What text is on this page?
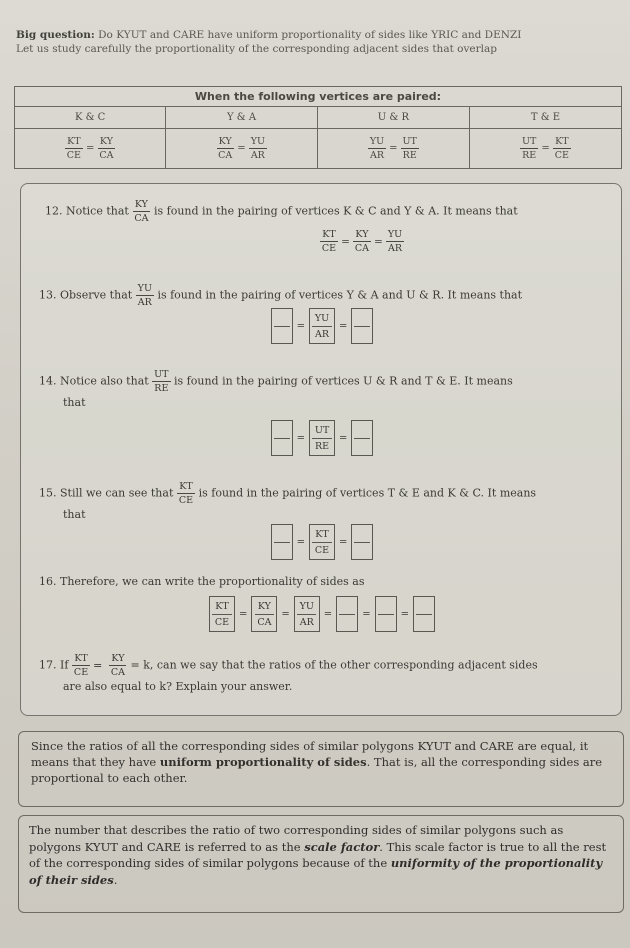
Big question: Do KYUT and CARE have uniform proportionality of sides like YRIC and DENZI
Let us study carefully the proportionality of the corresponding adjacent sides that overlap
When the following vertices are paired:			
K & C	Y & A	U & R	T & E

$\frac{KT}{CE} = \frac{KY}{CA}$	$\frac{KY}{CA} = \frac{YU}{AR}$	$\frac{YU}{AR} = \frac{UT}{RE}$	$\frac{UT}{RE} = \frac{KT}{CE}$
12. Notice that $\frac{KY}{CA}$ is found in the pairing of vertices K & C and Y & A. It means that
$\frac{KT}{CE} = \frac{KY}{CA} = \frac{YU}{AR}$
13. Observe that $\frac{YU}{AR}$ is found in the pairing of vertices Y & A and U & R. It means that
=
YU
AR
=
14. Notice also that $\frac{UT}{RE}$ is found in the pairing of vertices U & R and T & E. It means
that
=
UT
RE
=
15. Still we can see that $\frac{KT}{CE}$ is found in the pairing of vertices T & E and K & C. It means
that
=
KT
CE
=
16. Therefore, we can write the proportionality of sides as
KT
CE
=
KY
CA
=
YU
AR
=	=	=
17. If $\frac{KT}{CE} = \frac{KY}{CA} = k$, can we say that the ratios of the other corresponding adjacent sides
are also equal to k? Explain your answer.
Since the ratios of all the corresponding sides of similar polygons KYUT and CARE are equal, it means that they have uniform proportionality of sides. That is, all the corresponding sides are proportional to each other.
The number that describes the ratio of two corresponding sides of similar polygons such as polygons KYUT and CARE is referred to as the scale factor. This scale factor is true to all the rest of the corresponding sides of similar polygons because of the uniformity of the proportionality of their sides.
